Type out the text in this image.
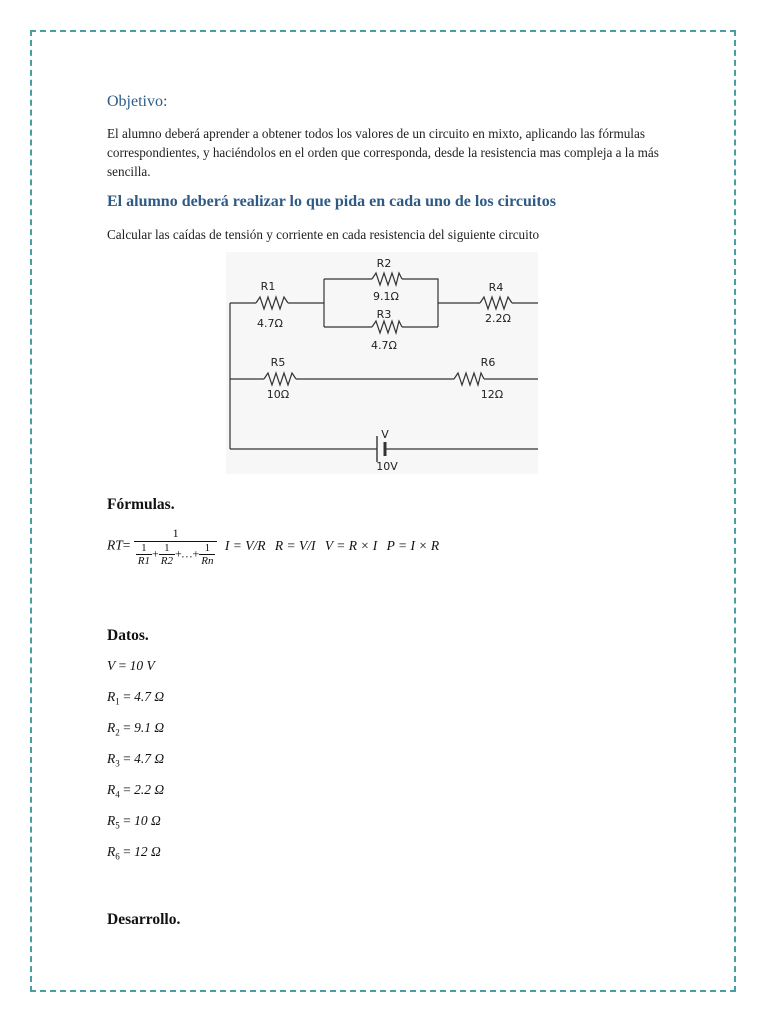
Objetivo:
El alumno deberá aprender a obtener todos los valores de un circuito en mixto, aplicando las fórmulas correspondientes, y haciéndolos en el orden que corresponda, desde la resistencia mas compleja a la más sencilla.
El alumno deberá realizar lo que pida en cada uno de los circuitos
Calcular las caídas de tensión y corriente en cada resistencia del siguiente circuito
R1
4.7Ω
R2
9.1Ω
R3
4.7Ω
R4
2.2Ω
R5
10Ω
R6
12Ω
V
10V
Fórmulas.
$RT= \frac{1}{\frac{1}{R1} + \frac{1}{R2} +\dots+ \frac{1}{Rn}}$ I = V/R R = V/I V = R × I P = I × R
Datos.
V = 10 V
$R_1 = 4.7$ Ω
$R_2 = 9.1$ Ω
$R_3 = 4.7$ Ω
$R_4 = 2.2$ Ω
$R_5 = 10$ Ω
$R_6 = 12$ Ω
Desarrollo.
